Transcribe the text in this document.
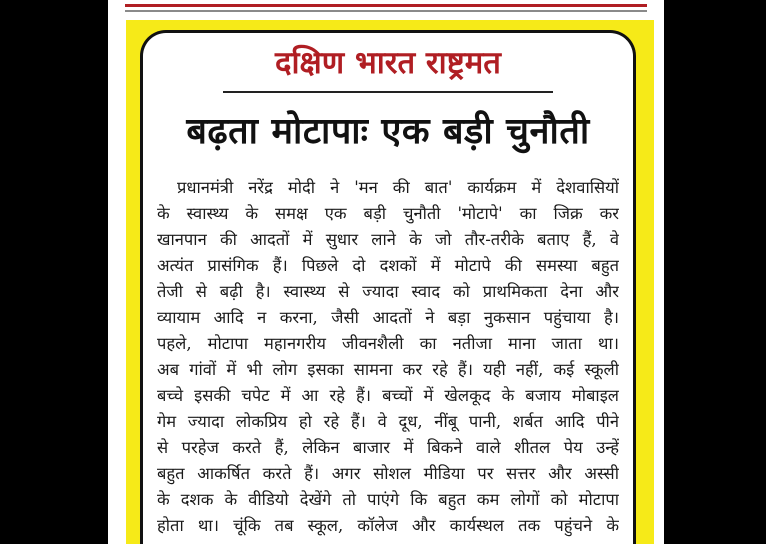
दक्षिण भारत राष्ट्रमत
बढ़ता मोटापाः एक बड़ी चुनौती
प्रधानमंत्री नरेंद्र मोदी ने 'मन की बात' कार्यक्रम में देशवासियों
के स्वास्थ्य के समक्ष एक बड़ी चुनौती 'मोटापे' का जिक्र कर
खानपान की आदतों में सुधार लाने के जो तौर-तरीके बताए हैं, वे
अत्यंत प्रासंगिक हैं। पिछले दो दशकों में मोटापे की समस्या बहुत
तेजी से बढ़ी है। स्वास्थ्य से ज्यादा स्वाद को प्राथमिकता देना और
व्यायाम आदि न करना, जैसी आदतों ने बड़ा नुकसान पहुंचाया है।
पहले, मोटापा महानगरीय जीवनशैली का नतीजा माना जाता था।
अब गांवों में भी लोग इसका सामना कर रहे हैं। यही नहीं, कई स्कूली
बच्चे इसकी चपेट में आ रहे हैं। बच्चों में खेलकूद के बजाय मोबाइल
गेम ज्यादा लोकप्रिय हो रहे हैं। वे दूध, नींबू पानी, शर्बत आदि पीने
से परहेज करते हैं, लेकिन बाजार में बिकने वाले शीतल पेय उन्हें
बहुत आकर्षित करते हैं। अगर सोशल मीडिया पर सत्तर और अस्सी
के दशक के वीडियो देखेंगे तो पाएंगे कि बहुत कम लोगों को मोटापा
होता था। चूंकि तब स्कूल, कॉलेज और कार्यस्थल तक पहुंचने के
